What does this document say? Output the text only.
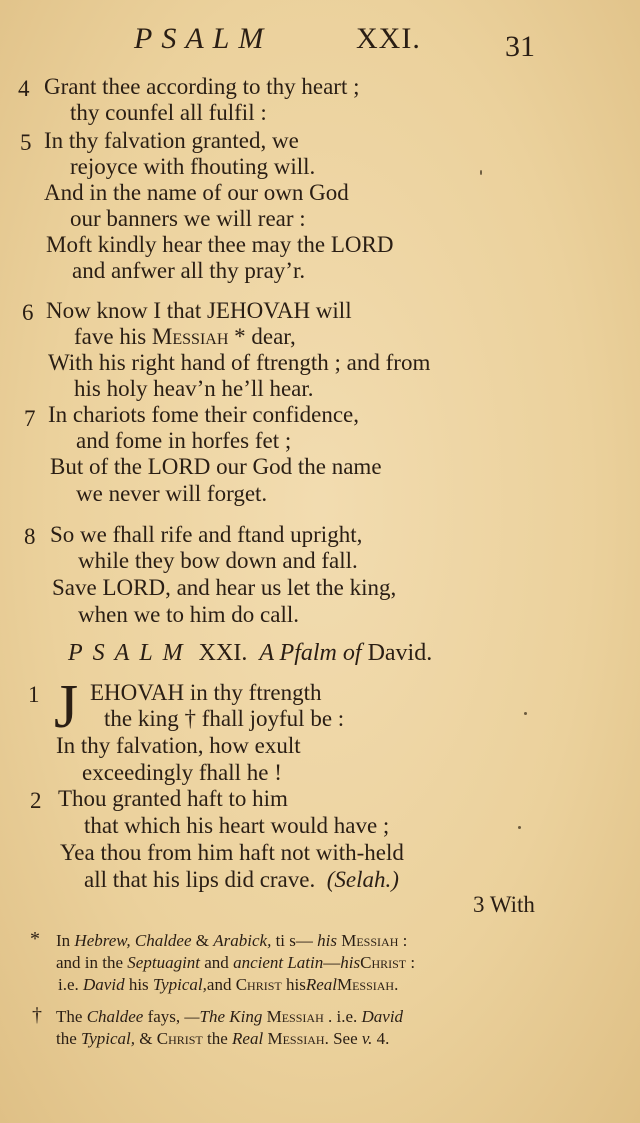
PSALM	XXI.	31
4 Grant thee according to thy heart ;
thy counfel all fulfil :
5 In thy falvation granted, we
rejoyce with fhouting will.
And in the name of our own God
our banners we will rear :
Moft kindly hear thee may the LORD
and anfwer all thy pray’r.
6 Now know I that JEHOVAH will
fave his Messiah * dear,
With his right hand of ftrength ; and from
his holy heav’n he’ll hear.
7 In chariots fome their confidence,
and fome in horfes fet ;
But of the LORD our God the name
we never will forget.
8 So we fhall rife and ftand upright,
while they bow down and fall.
Save LORD, and hear us let the king,
when we to him do call.
PSALM XXI. A Pfalm of David.
1 J EHOVAH in thy ftrength
the king † fhall joyful be :
In thy falvation, how exult
exceedingly fhall he !
2 Thou granted haft to him
that which his heart would have ;
Yea thou from him haft not with-held
all that his lips did crave. (Selah.)
3 With
* In Hebrew, Chaldee & Arabick, ti s— his Messiah :
and in the Septuagint and ancient Latin—hisChrist :
i.e. David his Typical,and Christ hisRealMessiah.
† The Chaldee fays, —The King Messiah . i.e. David
the Typical, & Christ the Real Messiah. See v. 4.
